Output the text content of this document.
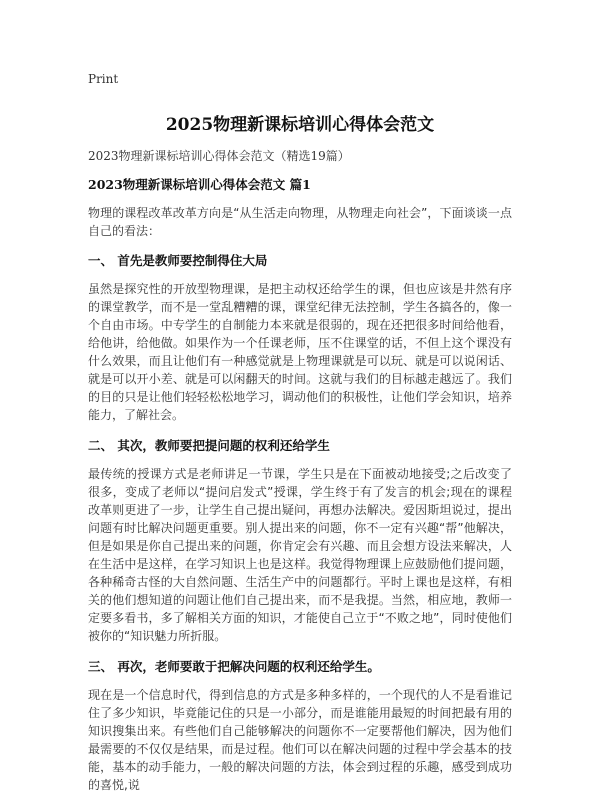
Print
2025物理新课标培训心得体会范文
2023物理新课标培训心得体会范文（精选19篇）
2023物理新课标培训心得体会范文 篇1

物理的课程改革改革方向是“从生活走向物理，从物理走向社会”，下面谈谈一点自己的看法：

一、 首先是教师要控制得住大局

虽然是探究性的开放型物理课，是把主动权还给学生的课，但也应该是井然有序的课堂教学，而不是一堂乱糟糟的课，课堂纪律无法控制，学生各搞各的，像一个自由市场。中专学生的自制能力本来就是很弱的，现在还把很多时间给他看，给他讲，给他做。如果作为一个任课老师，压不住课堂的话，不但上这个课没有什么效果，而且让他们有一种感觉就是上物理课就是可以玩、就是可以说闲话、就是可以开小差、就是可以闲翻天的时间。这就与我们的目标越走越远了。我们的目的只是让他们轻轻松松地学习，调动他们的积极性，让他们学会知识，培养能力，了解社会。

二、 其次，教师要把提问题的权利还给学生

最传统的授课方式是老师讲足一节课，学生只是在下面被动地接受;之后改变了很多，变成了老师以“提问启发式”授课，学生终于有了发言的机会;现在的课程改革则更进了一步，让学生自己提出疑问，再想办法解决。爱因斯坦说过，提出问题有时比解决问题更重要。别人提出来的问题，你不一定有兴趣“帮”他解决，但是如果是你自己提出来的问题，你肯定会有兴趣、而且会想方设法来解决，人在生活中是这样，在学习知识上也是这样。我觉得物理课上应鼓励他们提问题，各种稀奇古怪的大自然问题、生活生产中的问题都行。平时上课也是这样，有相关的他们想知道的问题让他们自己提出来，而不是我提。当然，相应地，教师一定要多看书，多了解相关方面的知识，才能使自己立于“不败之地”，同时使他们被你的“知识魅力所折服。

三、 再次，老师要敢于把解决问题的权利还给学生。

现在是一个信息时代，得到信息的方式是多种多样的，一个现代的人不是看谁记住了多少知识，毕竟能记住的只是一小部分，而是谁能用最短的时间把最有用的知识搜集出来。有些他们自己能够解决的问题你不一定要帮他们解决，因为他们最需要的不仅仅是结果，而是过程。他们可以在解决问题的过程中学会基本的技能，基本的动手能力，一般的解决问题的方法，体会到过程的乐趣，感受到成功的喜悦,说
